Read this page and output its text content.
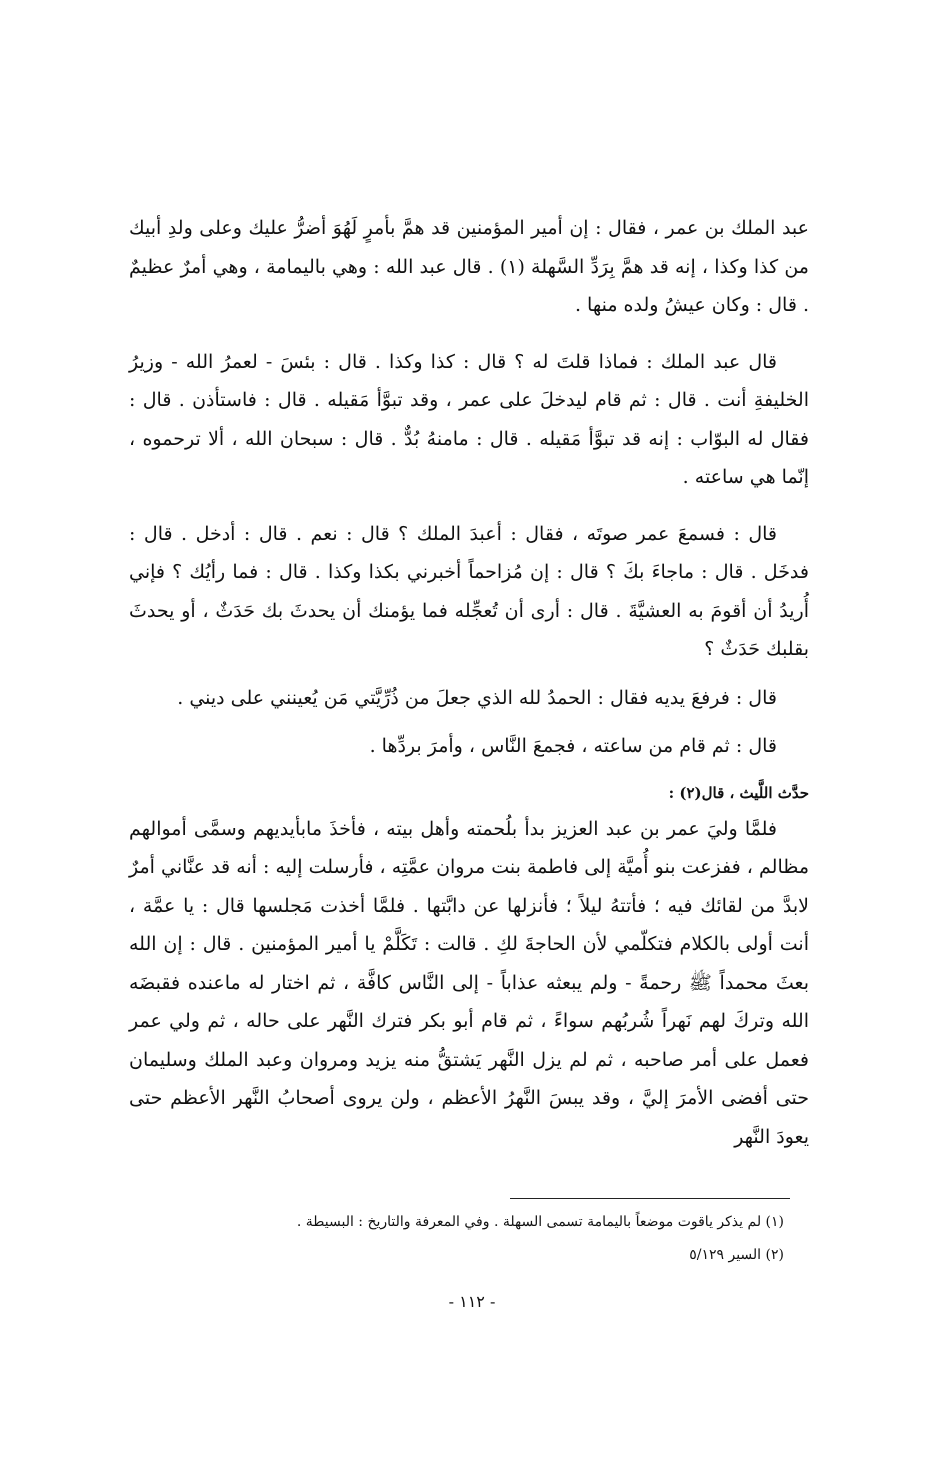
عبد الملك بن عمر ، فقال : إن أمير المؤمنين قد همَّ بأمرٍ لَهُوَ أضرُّ عليك وعلى ولدِ أبيك من كذا وكذا ، إنه قد همَّ بِرَدِّ السَّهلة (١) . قال عبد الله : وهي باليمامة ، وهي أمرٌ عظيمٌ . قال : وكان عيشُ ولده منها .

قال عبد الملك : فماذا قلتَ له ؟ قال : كذا وكذا . قال : بئسَ - لعمرُ الله - وزيرُ الخليفةِ أنت . قال : ثم قام ليدخلَ على عمر ، وقد تبوَّأ مَقيله . قال : فاستأذن . قال : فقال له البوّاب : إنه قد تبوَّأ مَقيله . قال : مامنهُ بُدٌّ . قال : سبحان الله ، ألا ترحموه ، إنّما هي ساعته .

قال : فسمعَ عمر صوتَه ، فقال : أعبدَ الملك ؟ قال : نعم . قال : أدخل . قال : فدخَل . قال : ماجاءَ بكَ ؟ قال : إن مُزاحماً أخبرني بكذا وكذا . قال : فما رأيُك ؟ فإني أُريدُ أن أقومَ به العشيَّةَ . قال : أرى أن تُعجِّله فما يؤمنك أن يحدثَ بك حَدَثٌ ، أو يحدثَ بقلبك حَدَثٌ ؟

قال : فرفعَ يديه فقال : الحمدُ لله الذي جعلَ من ذُرِّيَّتي مَن يُعينني على ديني .

قال : ثم قام من ساعته ، فجمعَ النَّاس ، وأمرَ بردِّها .

حدَّث اللَّيث ، قال(٢) :

فلمَّا وليَ عمر بن عبد العزيز بدأ بلُحمته وأهل بيته ، فأخذَ مابأيديهم وسمَّى أموالهم مظالم ، ففزعت بنو أُميَّة إلى فاطمة بنت مروان عمَّتِه ، فأرسلت إليه : أنه قد عنَّاني أمرٌ لابدَّ من لقائك فيه ؛ فأتتهُ ليلاً ؛ فأنزلها عن دابَّتها . فلمَّا أخذت مَجلسها قال : يا عمَّة ، أنت أولى بالكلام فتكلّمي لأن الحاجةَ لكِ . قالت : تَكَلَّمْ يا أمير المؤمنين . قال : إن الله بعثَ محمداً ﷺ رحمةً - ولم يبعثه عذاباً - إلى النَّاس كافَّة ، ثم اختار له ماعنده فقبضَه الله وتركَ لهم نَهراً شُربُهم سواءً ، ثم قام أبو بكر فترك النَّهر على حاله ، ثم ولي عمر فعمل على أمر صاحبه ، ثم لم يزل النَّهر يَشتقُّ منه يزيد ومروان وعبد الملك وسليمان حتى أفضى الأمرَ إليَّ ، وقد يبسَ النَّهرُ الأعظم ، ولن يروى أصحابُ النَّهر الأعظم حتى يعودَ النَّهر

(١) لم يذكر ياقوت موضعاً باليمامة تسمى السهلة . وفي المعرفة والتاريخ : البسيطة .

(٢) السير ٥/١٢٩

- ١١٢ -
